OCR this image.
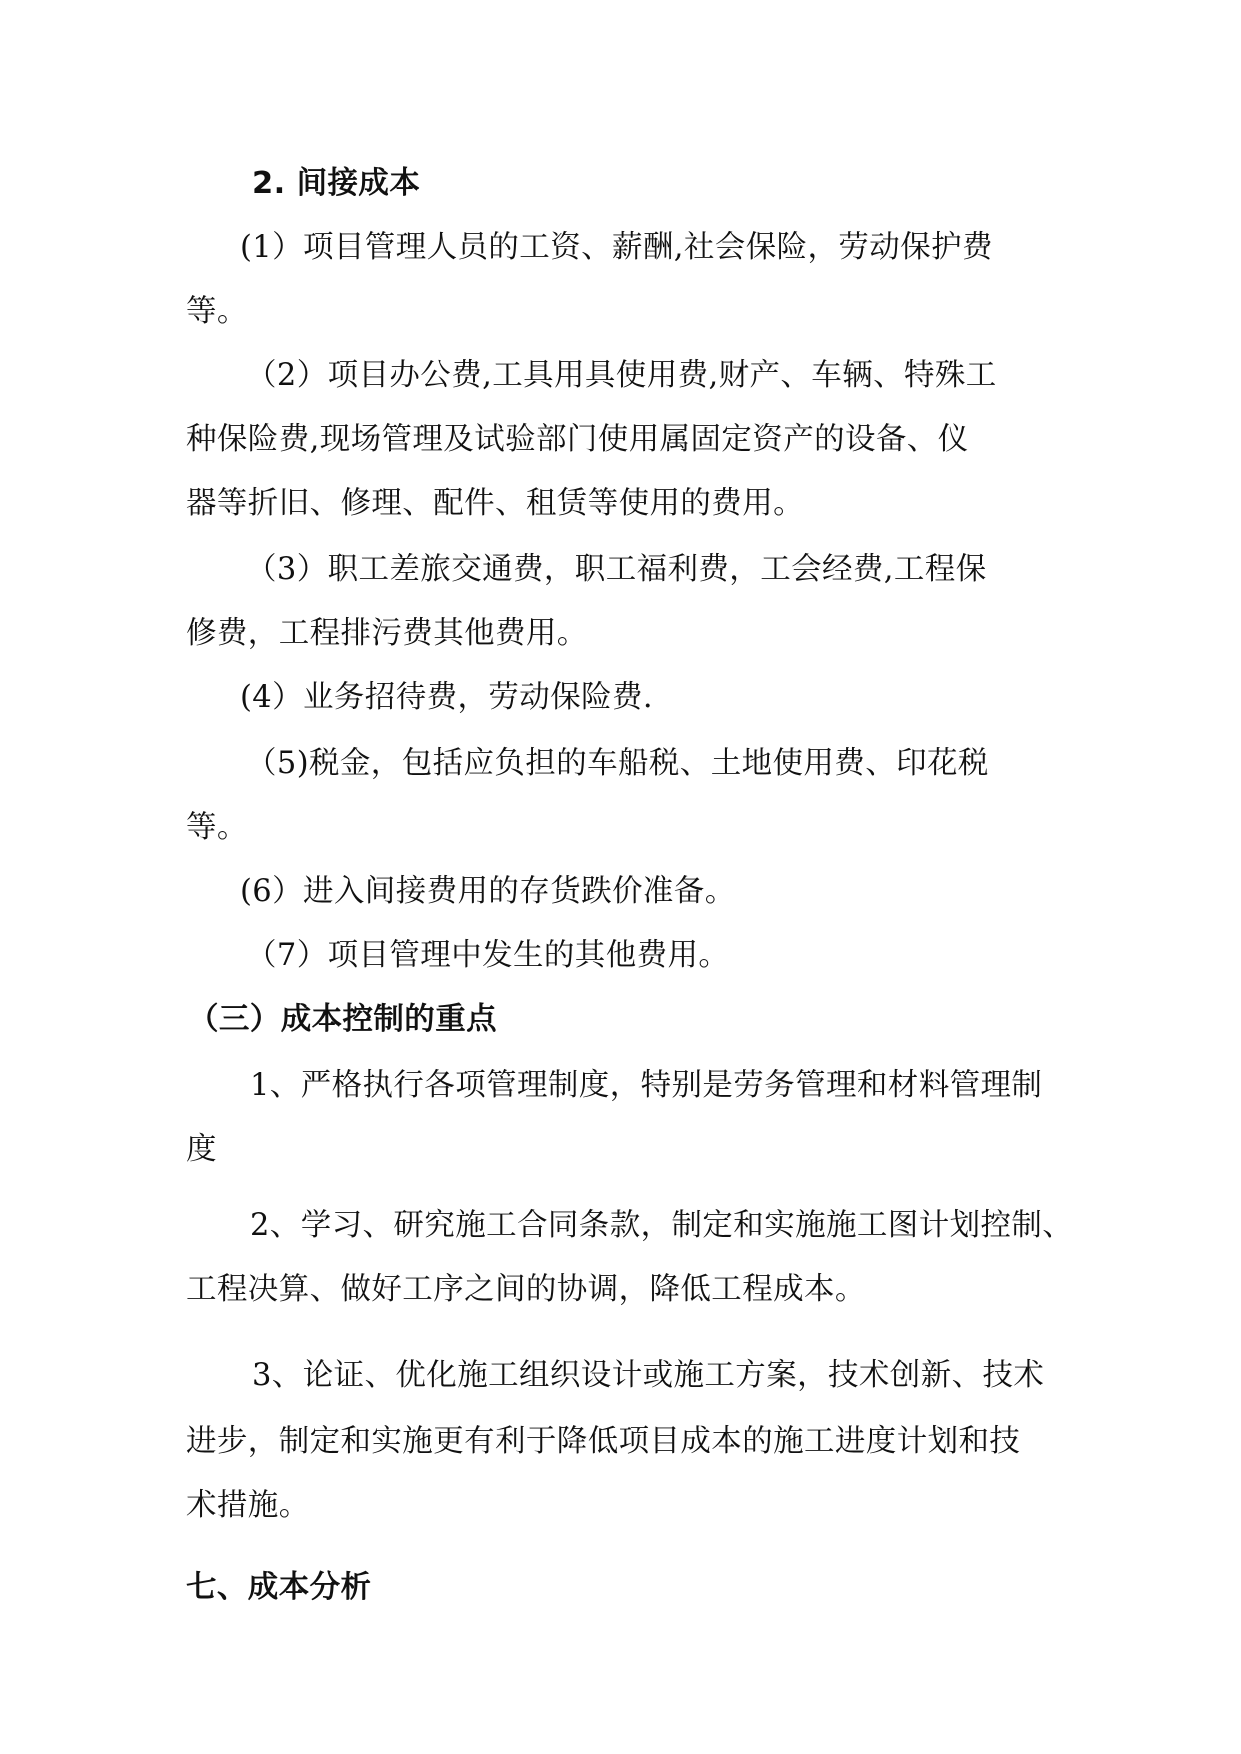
2. 间接成本
(1）项目管理人员的工资、薪酬,社会保险，劳动保护费
等。
（2）项目办公费,工具用具使用费,财产、车辆、特殊工
种保险费,现场管理及试验部门使用属固定资产的设备、仪
器等折旧、修理、配件、租赁等使用的费用。
（3）职工差旅交通费，职工福利费，工会经费,工程保
修费，工程排污费其他费用。
(4）业务招待费，劳动保险费.
（5)税金，包括应负担的车船税、土地使用费、印花税
等。
(6）进入间接费用的存货跌价准备。
（7）项目管理中发生的其他费用。
（三）成本控制的重点
1、严格执行各项管理制度，特别是劳务管理和材料管理制
度
2、学习、研究施工合同条款，制定和实施施工图计划控制、
工程决算、做好工序之间的协调，降低工程成本。
3、论证、优化施工组织设计或施工方案，技术创新、技术
进步，制定和实施更有利于降低项目成本的施工进度计划和技
术措施。
七、成本分析
